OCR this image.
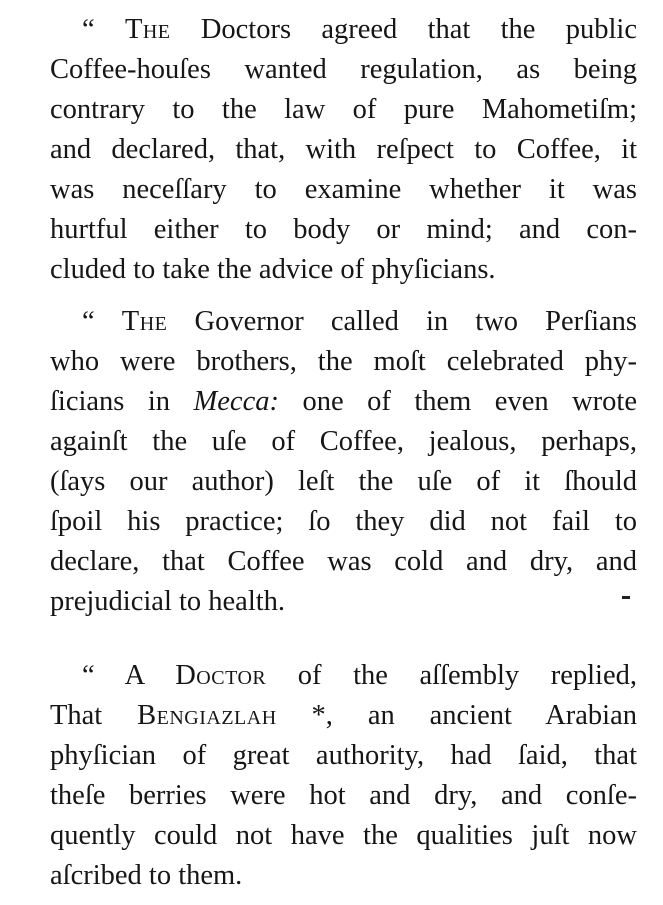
“ The Doctors agreed that the public
Coffee-houſes wanted regulation, as being
contrary to the law of pure Mahometiſm;
and declared, that, with reſpect to Coffee, it
was neceſſary to examine whether it was
hurtful either to body or mind; and con-
cluded to take the advice of phyſicians.
“ The Governor called in two Perſians
who were brothers, the moſt celebrated phy-
ſicians in Mecca: one of them even wrote
againſt the uſe of Coffee, jealous, perhaps,
(ſays our author) leſt the uſe of it ſhould
ſpoil his practice; ſo they did not fail to
declare, that Coffee was cold and dry, and
prejudicial to health.
“ A Doctor of the aſſembly replied,
That Bengiazlah *, an ancient Arabian
phyſician of great authority, had ſaid, that
theſe berries were hot and dry, and conſe-
quently could not have the qualities juſt now
aſcribed to them.
